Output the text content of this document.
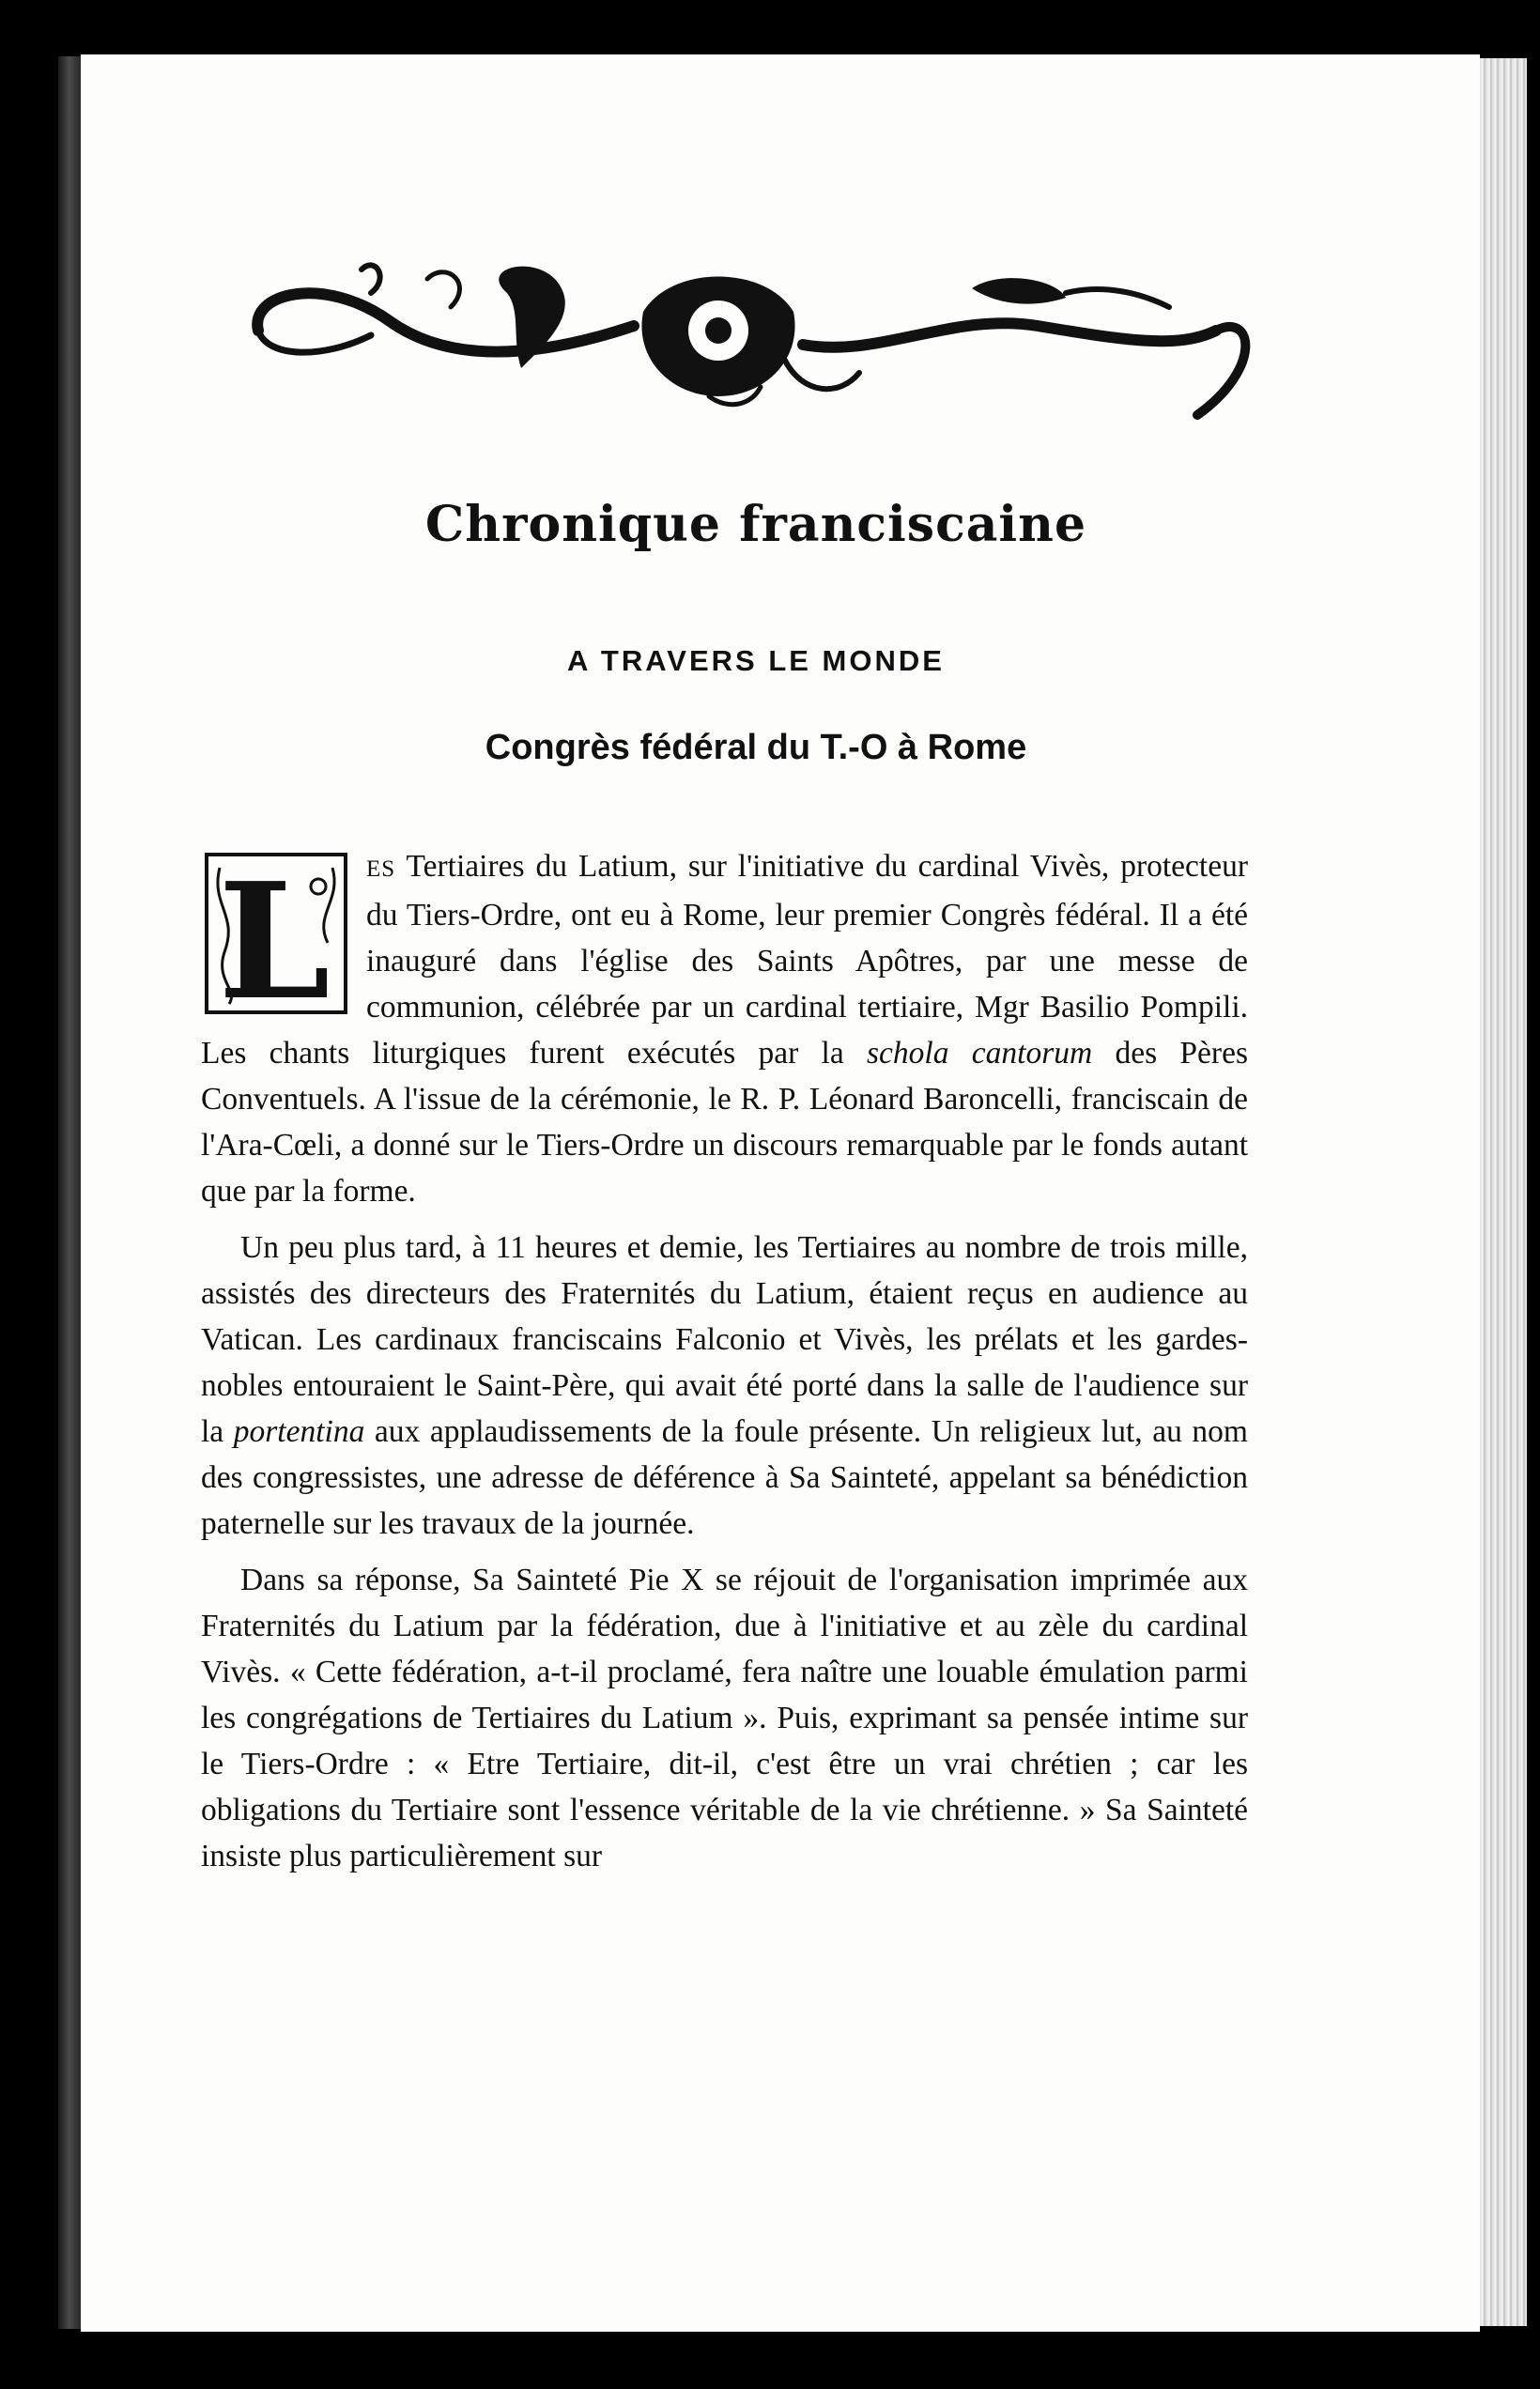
Chronique franciscaine
A TRAVERS LE MONDE
Congrès fédéral du T.-O à Rome

L ES Tertiaires du Latium, sur l'initiative du cardinal Vivès, protecteur du Tiers-Ordre, ont eu à Rome, leur premier Congrès fédéral. Il a été inauguré dans l'église des Saints Apôtres, par une messe de communion, célébrée par un cardinal tertiaire, Mgr Basilio Pompili. Les chants liturgiques furent exécutés par la schola cantorum des Pères Conventuels. A l'issue de la cérémonie, le R. P. Léonard Baroncelli, franciscain de l'Ara-Cœli, a donné sur le Tiers-Ordre un discours remarquable par le fonds autant que par la forme.

Un peu plus tard, à 11 heures et demie, les Tertiaires au nombre de trois mille, assistés des directeurs des Fraternités du Latium, étaient reçus en audience au Vatican. Les cardinaux franciscains Falconio et Vivès, les prélats et les gardes-nobles entouraient le Saint-Père, qui avait été porté dans la salle de l'audience sur la portentina aux applaudissements de la foule présente. Un religieux lut, au nom des congressistes, une adresse de déférence à Sa Sainteté, appelant sa bénédiction paternelle sur les travaux de la journée.

Dans sa réponse, Sa Sainteté Pie X se réjouit de l'organisation imprimée aux Fraternités du Latium par la fédération, due à l'initiative et au zèle du cardinal Vivès. « Cette fédération, a-t-il proclamé, fera naître une louable émulation parmi les congrégations de Tertiaires du Latium ». Puis, exprimant sa pensée intime sur le Tiers-Ordre : « Etre Tertiaire, dit-il, c'est être un vrai chrétien ; car les obligations du Tertiaire sont l'essence véritable de la vie chrétienne. » Sa Sainteté insiste plus particulièrement sur
